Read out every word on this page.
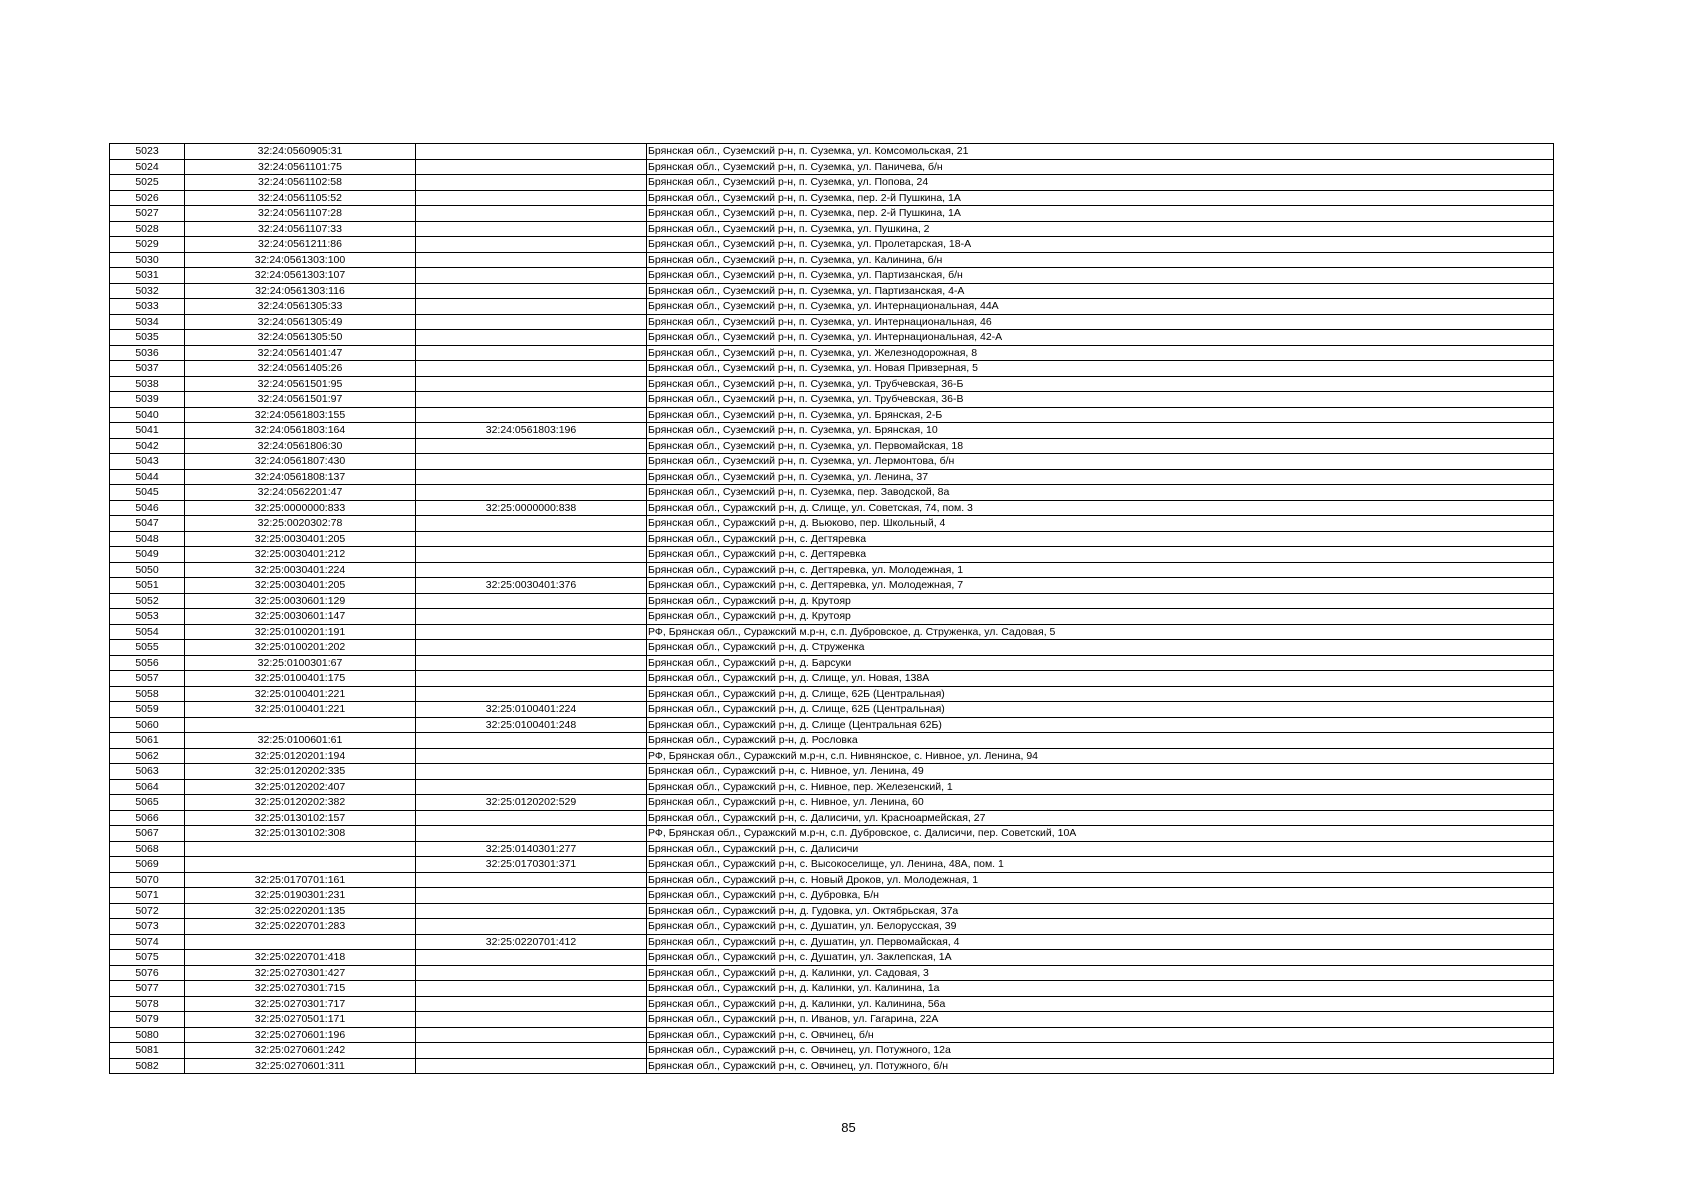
5023	32:24:0560905:31		Брянская обл., Суземский р-н, п. Суземка, ул. Комсомольская, 21
5024	32:24:0561101:75		Брянская обл., Суземский р-н, п. Суземка, ул. Паничева, б/н
5025	32:24:0561102:58		Брянская обл., Суземский р-н, п. Суземка, ул. Попова, 24
5026	32:24:0561105:52		Брянская обл., Суземский р-н, п. Суземка, пер. 2-й Пушкина, 1А
5027	32:24:0561107:28		Брянская обл., Суземский р-н, п. Суземка, пер. 2-й Пушкина, 1А
5028	32:24:0561107:33		Брянская обл., Суземский р-н, п. Суземка, ул. Пушкина, 2
5029	32:24:0561211:86		Брянская обл., Суземский р-н, п. Суземка, ул. Пролетарская, 18-А
5030	32:24:0561303:100		Брянская обл., Суземский р-н, п. Суземка, ул. Калинина, б/н
5031	32:24:0561303:107		Брянская обл., Суземский р-н, п. Суземка, ул. Партизанская, б/н
5032	32:24:0561303:116		Брянская обл., Суземский р-н, п. Суземка, ул. Партизанская, 4-А
5033	32:24:0561305:33		Брянская обл., Суземский р-н, п. Суземка, ул. Интернациональная, 44А
5034	32:24:0561305:49		Брянская обл., Суземский р-н, п. Суземка, ул. Интернациональная, 46
5035	32:24:0561305:50		Брянская обл., Суземский р-н, п. Суземка, ул. Интернациональная, 42-А
5036	32:24:0561401:47		Брянская обл., Суземский р-н, п. Суземка, ул. Железнодорожная, 8
5037	32:24:0561405:26		Брянская обл., Суземский р-н, п. Суземка, ул. Новая Привзерная, 5
5038	32:24:0561501:95		Брянская обл., Суземский р-н, п. Суземка, ул. Трубчевская, 36-Б
5039	32:24:0561501:97		Брянская обл., Суземский р-н, п. Суземка, ул. Трубчевская, 36-В
5040	32:24:0561803:155		Брянская обл., Суземский р-н, п. Суземка, ул. Брянская, 2-Б
5041	32:24:0561803:164	32:24:0561803:196	Брянская обл., Суземский р-н, п. Суземка, ул. Брянская, 10
5042	32:24:0561806:30		Брянская обл., Суземский р-н, п. Суземка, ул. Первомайская, 18
5043	32:24:0561807:430		Брянская обл., Суземский р-н, п. Суземка, ул. Лермонтова, б/н
5044	32:24:0561808:137		Брянская обл., Суземский р-н, п. Суземка, ул. Ленина, 37
5045	32:24:0562201:47		Брянская обл., Суземский р-н, п. Суземка, пер. Заводской, 8а
5046	32:25:0000000:833	32:25:0000000:838	Брянская обл., Суражский р-н, д. Слище, ул. Советская, 74, пом. 3
5047	32:25:0020302:78		Брянская обл., Суражский р-н, д. Вьюково, пер. Школьный, 4
5048	32:25:0030401:205		Брянская обл., Суражский р-н, с. Дегтяревка
5049	32:25:0030401:212		Брянская обл., Суражский р-н, с. Дегтяревка
5050	32:25:0030401:224		Брянская обл., Суражский р-н, с. Дегтяревка, ул. Молодежная, 1
5051	32:25:0030401:205	32:25:0030401:376	Брянская обл., Суражский р-н, с. Дегтяревка, ул. Молодежная, 7
5052	32:25:0030601:129		Брянская обл., Суражский р-н, д. Крутояр
5053	32:25:0030601:147		Брянская обл., Суражский р-н, д. Крутояр
5054	32:25:0100201:191		РФ, Брянская обл., Суражский м.р-н, с.п. Дубровское, д. Струженка, ул. Садовая, 5
5055	32:25:0100201:202		Брянская обл., Суражский р-н, д. Струженка
5056	32:25:0100301:67		Брянская обл., Суражский р-н, д. Барсуки
5057	32:25:0100401:175		Брянская обл., Суражский р-н, д. Слище, ул. Новая, 138А
5058	32:25:0100401:221		Брянская обл., Суражский р-н, д. Слище, 62Б (Центральная)
5059	32:25:0100401:221	32:25:0100401:224	Брянская обл., Суражский р-н, д. Слище, 62Б (Центральная)
5060		32:25:0100401:248	Брянская обл., Суражский р-н, д. Слище (Центральная 62Б)
5061	32:25:0100601:61		Брянская обл., Суражский р-н, д. Рословка
5062	32:25:0120201:194		РФ, Брянская обл., Суражский м.р-н, с.п. Нивнянское, с. Нивное, ул. Ленина, 94
5063	32:25:0120202:335		Брянская обл., Суражский р-н, с. Нивное, ул. Ленина, 49
5064	32:25:0120202:407		Брянская обл., Суражский р-н, с. Нивное, пер. Железенский, 1
5065	32:25:0120202:382	32:25:0120202:529	Брянская обл., Суражский р-н, с. Нивное, ул. Ленина, 60
5066	32:25:0130102:157		Брянская обл., Суражский р-н, с. Далисичи, ул. Красноармейская, 27
5067	32:25:0130102:308		РФ, Брянская обл., Суражский м.р-н, с.п. Дубровское, с. Далисичи, пер. Советский, 10А
5068		32:25:0140301:277	Брянская обл., Суражский р-н, с. Далисичи
5069		32:25:0170301:371	Брянская обл., Суражский р-н, с. Высокоселище, ул. Ленина, 48А, пом. 1
5070	32:25:0170701:161		Брянская обл., Суражский р-н, с. Новый Дроков, ул. Молодежная, 1
5071	32:25:0190301:231		Брянская обл., Суражский р-н, с. Дубровка, Б/н
5072	32:25:0220201:135		Брянская обл., Суражский р-н, д. Гудовка, ул. Октябрьская, 37а
5073	32:25:0220701:283		Брянская обл., Суражский р-н, с. Душатин, ул. Белорусская, 39
5074		32:25:0220701:412	Брянская обл., Суражский р-н, с. Душатин, ул. Первомайская, 4
5075	32:25:0220701:418		Брянская обл., Суражский р-н, с. Душатин, ул. Заклепская, 1А
5076	32:25:0270301:427		Брянская обл., Суражский р-н, д. Калинки, ул. Садовая, 3
5077	32:25:0270301:715		Брянская обл., Суражский р-н, д. Калинки, ул. Калинина, 1а
5078	32:25:0270301:717		Брянская обл., Суражский р-н, д. Калинки, ул. Калинина, 56а
5079	32:25:0270501:171		Брянская обл., Суражский р-н, п. Иванов, ул. Гагарина, 22А
5080	32:25:0270601:196		Брянская обл., Суражский р-н, с. Овчинец, б/н
5081	32:25:0270601:242		Брянская обл., Суражский р-н, с. Овчинец, ул. Потужного, 12а
5082	32:25:0270601:311		Брянская обл., Суражский р-н, с. Овчинец, ул. Потужного, б/н
85
